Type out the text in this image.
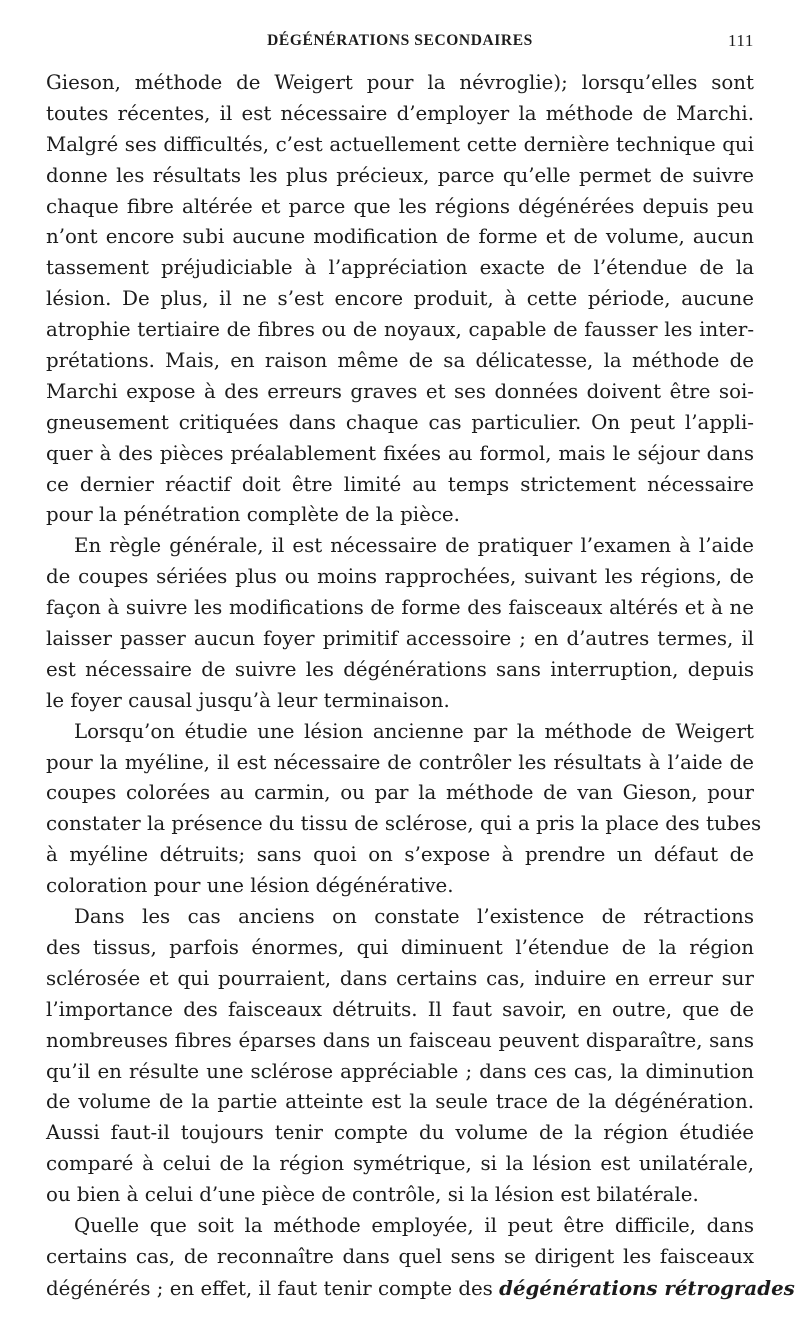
DÉGÉNÉRATIONS SECONDAIRES	111
Gieson, méthode de Weigert pour la névroglie); lorsqu’elles sont
toutes récentes, il est nécessaire d’employer la méthode de Marchi.
Malgré ses difficultés, c’est actuellement cette dernière technique qui
donne les résultats les plus précieux, parce qu’elle permet de suivre
chaque fibre altérée et parce que les régions dégénérées depuis peu
n’ont encore subi aucune modification de forme et de volume, aucun
tassement préjudiciable à l’appréciation exacte de l’étendue de la
lésion. De plus, il ne s’est encore produit, à cette période, aucune
atrophie tertiaire de fibres ou de noyaux, capable de fausser les inter-
prétations. Mais, en raison même de sa délicatesse, la méthode de
Marchi expose à des erreurs graves et ses données doivent être soi-
gneusement critiquées dans chaque cas particulier. On peut l’appli-
quer à des pièces préalablement fixées au formol, mais le séjour dans
ce dernier réactif doit être limité au temps strictement nécessaire
pour la pénétration complète de la pièce.
En règle générale, il est nécessaire de pratiquer l’examen à l’aide
de coupes sériées plus ou moins rapprochées, suivant les régions, de
façon à suivre les modifications de forme des faisceaux altérés et à ne
laisser passer aucun foyer primitif accessoire ; en d’autres termes, il
est nécessaire de suivre les dégénérations sans interruption, depuis
le foyer causal jusqu’à leur terminaison.
Lorsqu’on étudie une lésion ancienne par la méthode de Weigert
pour la myéline, il est nécessaire de contrôler les résultats à l’aide de
coupes colorées au carmin, ou par la méthode de van Gieson, pour
constater la présence du tissu de sclérose, qui a pris la place des tubes
à myéline détruits; sans quoi on s’expose à prendre un défaut de
coloration pour une lésion dégénérative.
Dans les cas anciens on constate l’existence de rétractions
des tissus, parfois énormes, qui diminuent l’étendue de la région
sclérosée et qui pourraient, dans certains cas, induire en erreur sur
l’importance des faisceaux détruits. Il faut savoir, en outre, que de
nombreuses fibres éparses dans un faisceau peuvent disparaître, sans
qu’il en résulte une sclérose appréciable ; dans ces cas, la diminution
de volume de la partie atteinte est la seule trace de la dégénération.
Aussi faut-il toujours tenir compte du volume de la région étudiée
comparé à celui de la région symétrique, si la lésion est unilatérale,
ou bien à celui d’une pièce de contrôle, si la lésion est bilatérale.
Quelle que soit la méthode employée, il peut être difficile, dans
certains cas, de reconnaître dans quel sens se dirigent les faisceaux
dégénérés ; en effet, il faut tenir compte des dégénérations rétrogrades
